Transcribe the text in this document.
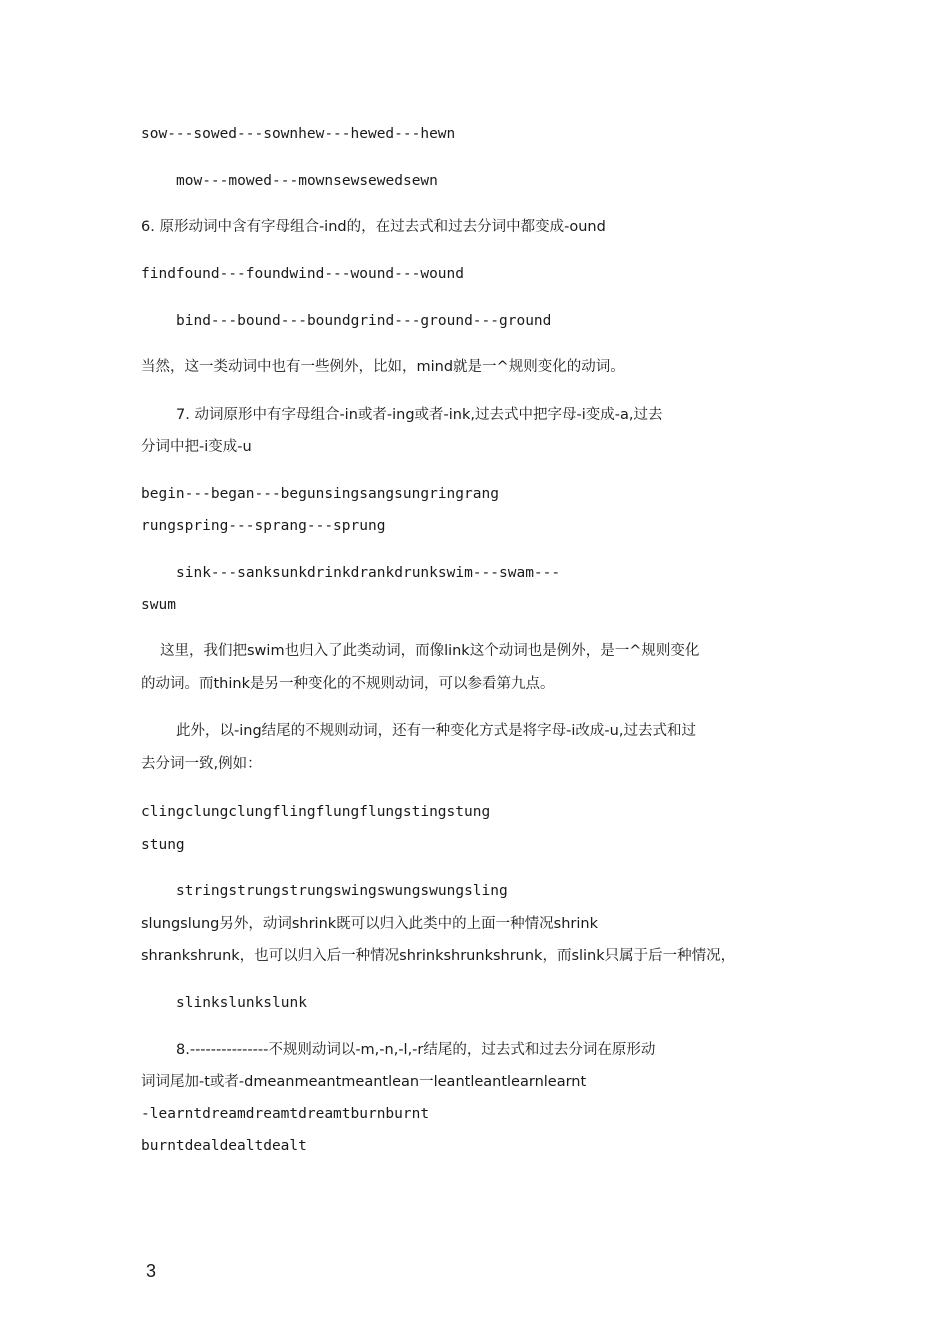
sow---sowed---sownhew---hewed---hewn
mow---mowed---mownsewsewedsewn
6. 原形动词中含有字母组合-ind的，在过去式和过去分词中都变成-ound
findfound---foundwind---wound---wound
bind---bound---boundgrind---ground---ground
当然，这一类动词中也有一些例外，比如，mind就是一^规则变化的动词。
7. 动词原形中有字母组合-in或者-ing或者-ink,过去式中把字母-i变成-a,过去
分词中把-i变成-u
begin---began---begunsingsangsungringrang
rungspring---sprang---sprung
sink---sanksunkdrinkdrankdrunkswim---swam---
swum
这里，我们把swim也归入了此类动词，而像link这个动词也是例外，是一^规则变化
的动词。而think是另一种变化的不规则动词，可以参看第九点。
此外，以-ing结尾的不规则动词，还有一种变化方式是将字母-i改成-u,过去式和过
去分词一致,例如：
clingclungclungflingflungflungstingstung
stung
stringstrungstrungswingswungswungsling
slungslung另外，动词shrink既可以归入此类中的上面一种情况shrink
shrankshrunk，也可以归入后一种情况shrinkshrunkshrunk，而slink只属于后一种情况，
slinkslunkslunk
8.---------------不规则动词以-m,-n,-l,-r结尾的，过去式和过去分词在原形动
词词尾加-t或者-dmeanmeantmeantlean一leantleantlearnlearnt
-learntdreamdreamtdreamtburnburnt
burntdealdealtdealt
3
